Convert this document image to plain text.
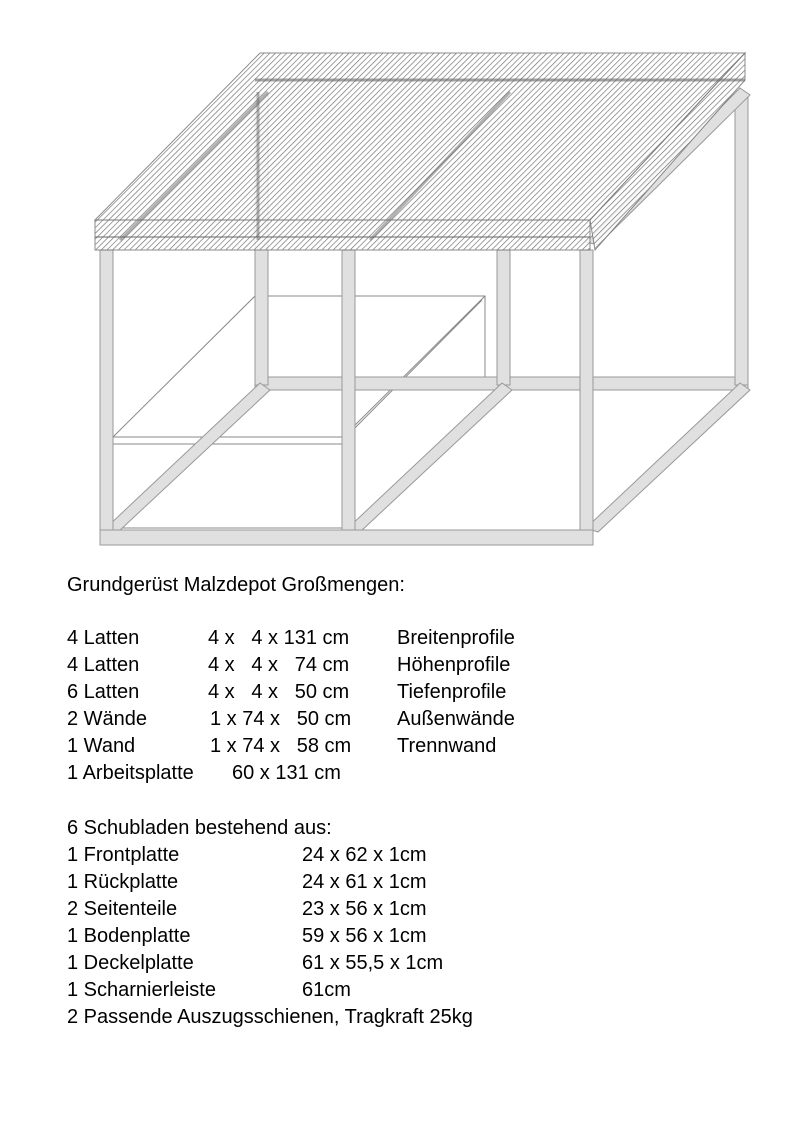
Grundgerüst Malzdepot Großmengen:
4 Latten	4 x   4 x 131 cm Breitenprofile
4 Latten	4 x   4 x   74 cm Höhenprofile
6 Latten	4 x   4 x   50 cm Tiefenprofile
2 Wände	1 x 74 x   50 cm Außenwände
1 Wand	1 x 74 x   58 cm Trennwand
1 Arbeitsplatte 60 x 131 cm
6 Schubladen bestehend aus:
1 Frontplatte	24 x 62 x 1cm
1 Rückplatte	24 x 61 x 1cm
2 Seitenteile	23 x 56 x 1cm
1 Bodenplatte	59 x 56 x 1cm
1 Deckelplatte	61 x 55,5 x 1cm
1 Scharnierleiste	61cm
2 Passende Auszugsschienen, Tragkraft 25kg
